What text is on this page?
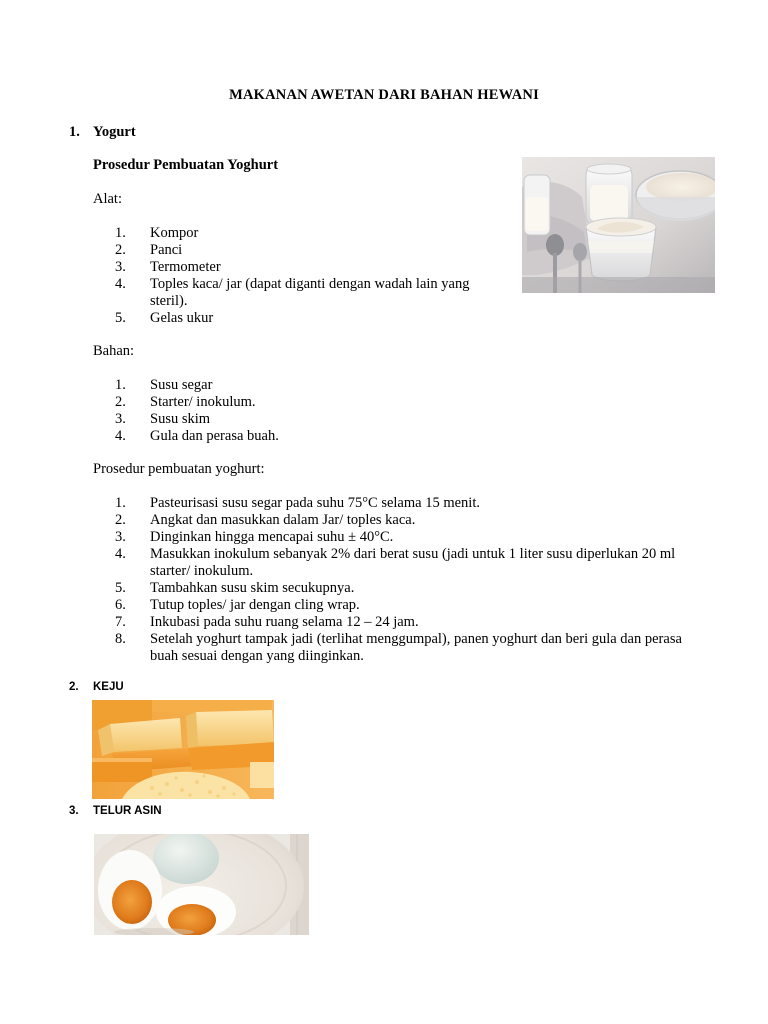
MAKANAN AWETAN DARI BAHAN HEWANI
1. Yogurt
Prosedur Pembuatan Yoghurt
Alat:
1. Kompor
2. Panci
3. Termometer
4. Toples kaca/ jar (dapat diganti dengan wadah lain yang steril).
5. Gelas ukur
Bahan:
1. Susu segar
2. Starter/ inokulum.
3. Susu skim
4. Gula dan perasa buah.
Prosedur pembuatan yoghurt:
1. Pasteurisasi susu segar pada suhu 75°C selama 15 menit.
2. Angkat dan masukkan dalam Jar/ toples kaca.
3. Dinginkan hingga mencapai suhu ± 40°C.
4. Masukkan inokulum sebanyak 2% dari berat susu (jadi untuk 1 liter susu diperlukan 20 ml starter/ inokulum.
5. Tambahkan susu skim secukupnya.
6. Tutup toples/ jar dengan cling wrap.
7. Inkubasi pada suhu ruang selama 12 – 24 jam.
8. Setelah yoghurt tampak jadi (terlihat menggumpal), panen yoghurt dan beri gula dan perasa buah sesuai dengan yang diinginkan.
2. KEJU
3. TELUR ASIN
